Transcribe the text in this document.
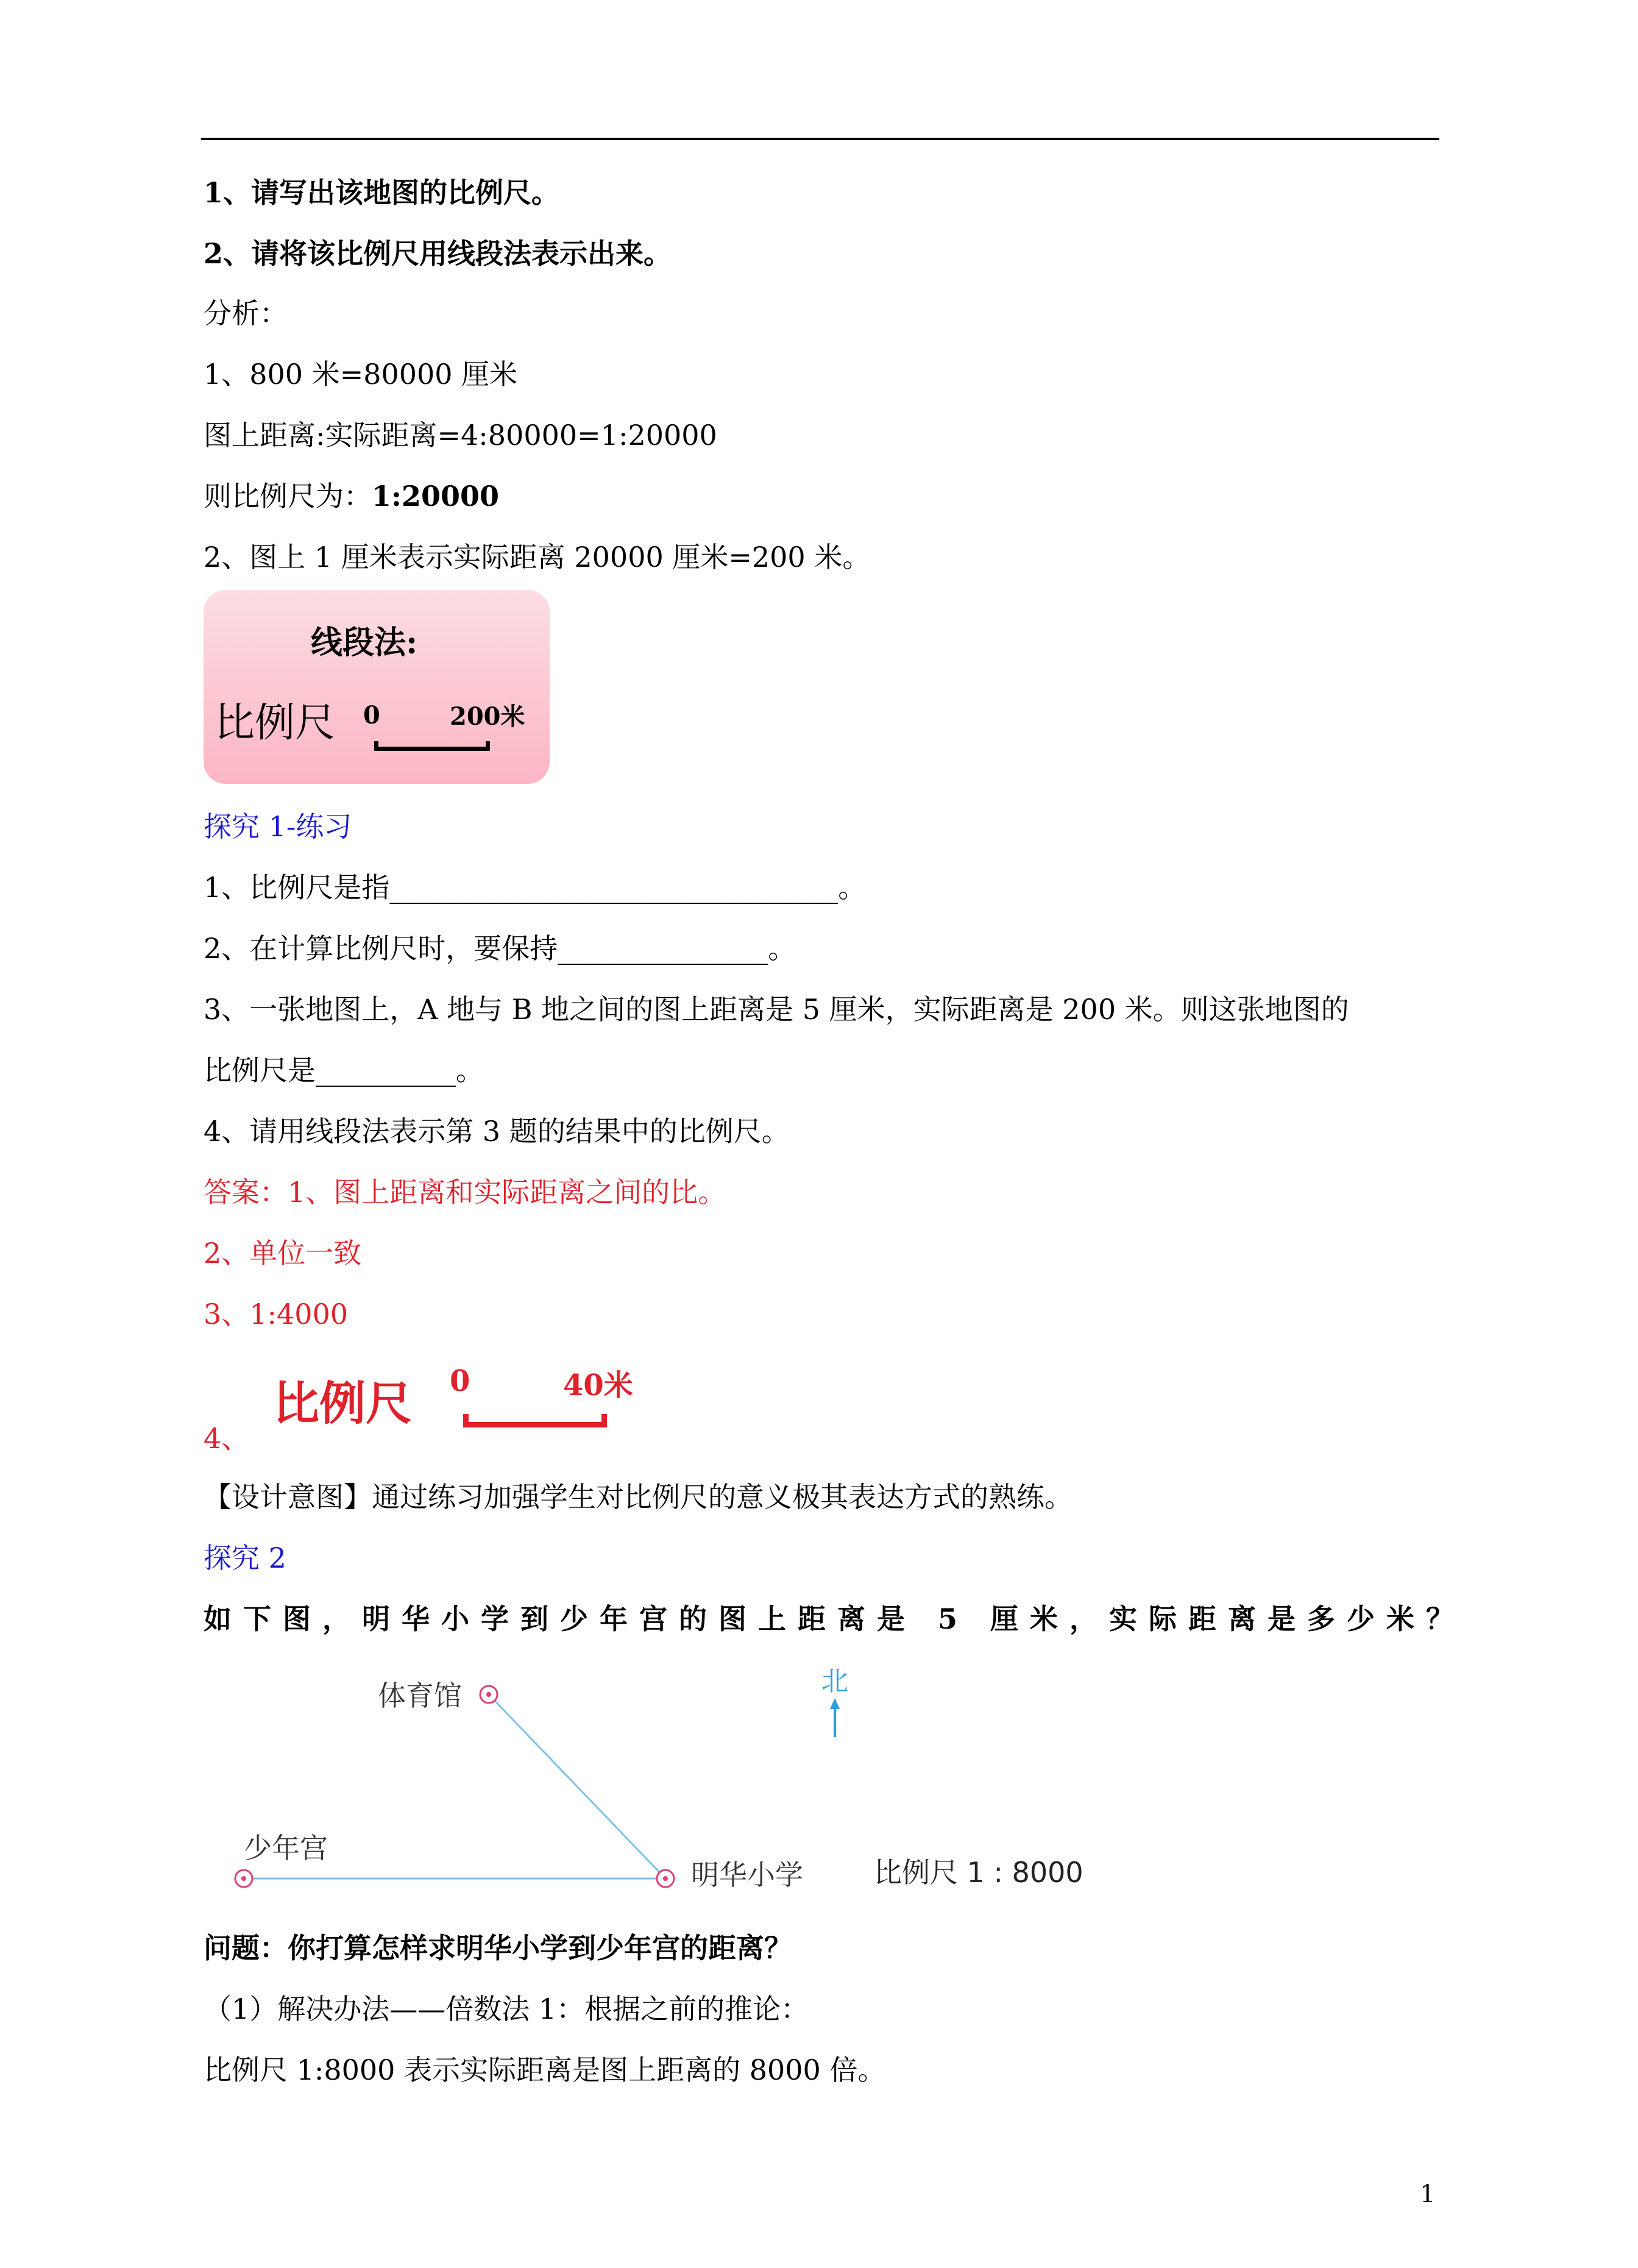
1、请写出该地图的比例尺。
2、请将该比例尺用线段法表示出来。
分析：
1、800 米=80000 厘米
图上距离:实际距离=4:80000=1:20000
则比例尺为：1:20000
2、图上 1 厘米表示实际距离 20000 厘米=200 米。
线段法:
比例尺 0	200米
探究 1-练习
1、比例尺是指________________________________。
2、在计算比例尺时，要保持_______________。
3、一张地图上，A 地与 B 地之间的图上距离是 5 厘米，实际距离是 200 米。则这张地图的
比例尺是__________。
4、请用线段法表示第 3 题的结果中的比例尺。
答案：1、图上距离和实际距离之间的比。
2、单位一致
3、1:4000
比例尺 0	40米
4、
【设计意图】通过练习加强学生对比例尺的意义极其表达方式的熟练。
探究 2
如下图，明华小学到少年宫的图上距离是 5 厘米，实际距离是多少米？
体育馆
少年宫
明华小学
北
比例尺 1 : 8000
问题：你打算怎样求明华小学到少年宫的距离？
（1）解决办法——倍数法 1：根据之前的推论：
比例尺 1:8000 表示实际距离是图上距离的 8000 倍。
1
